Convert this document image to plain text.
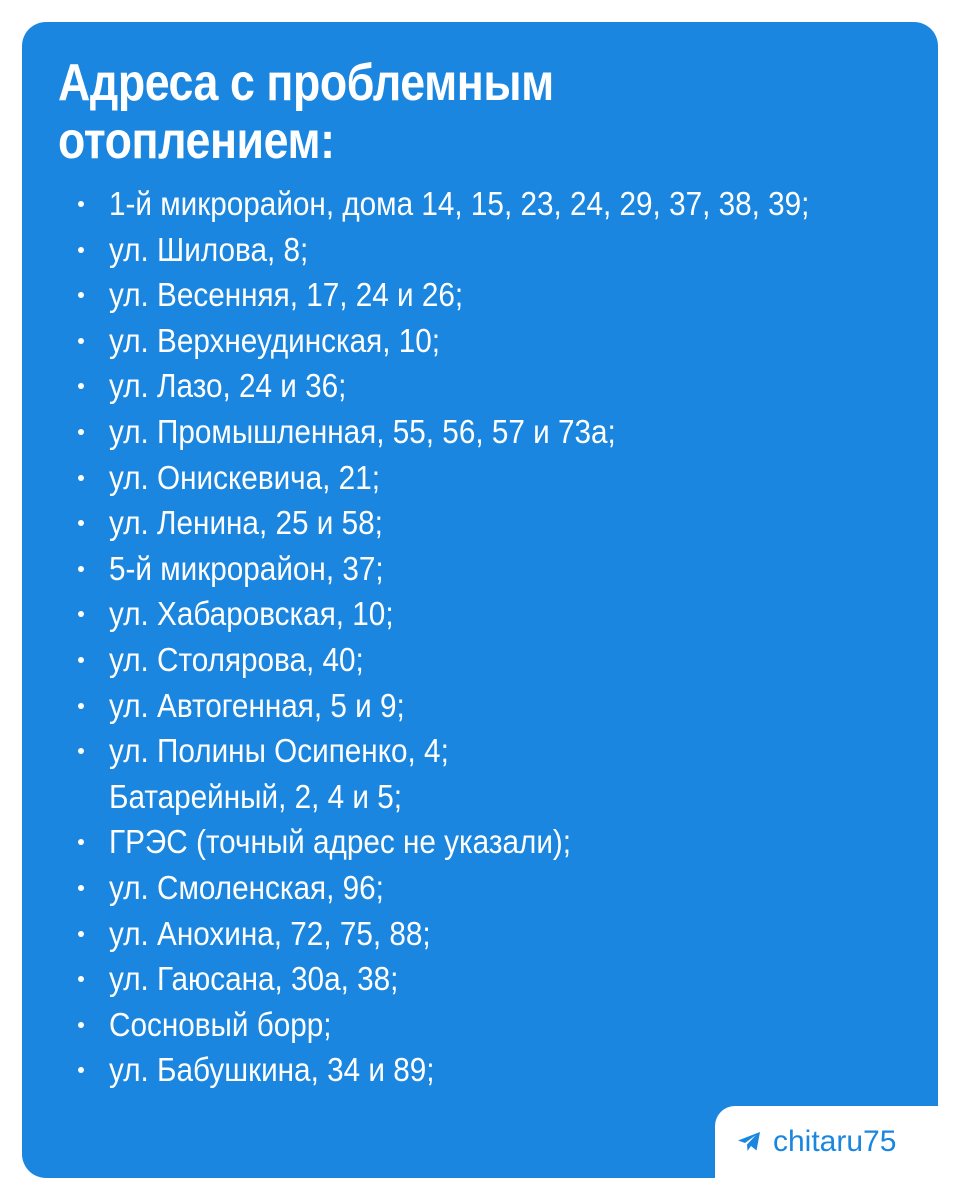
Адреса с проблемным
отоплением:
1-й микрорайон, дома 14, 15, 23, 24, 29, 37, 38, 39;
ул. Шилова, 8;
ул. Весенняя, 17, 24 и 26;
ул. Верхнеудинская, 10;
ул. Лазо, 24 и 36;
ул. Промышленная, 55, 56, 57 и 73а;
ул. Онискевича, 21;
ул. Ленина, 25 и 58;
5-й микрорайон, 37;
ул. Хабаровская, 10;
ул. Столярова, 40;
ул. Автогенная, 5 и 9;
ул. Полины Осипенко, 4;
Батарейный, 2, 4 и 5;
ГРЭС (точный адрес не указали);
ул. Смоленская, 96;
ул. Анохина, 72, 75, 88;
ул. Гаюсана, 30а, 38;
Сосновый борр;
ул. Бабушкина, 34 и 89;
chitaru75
